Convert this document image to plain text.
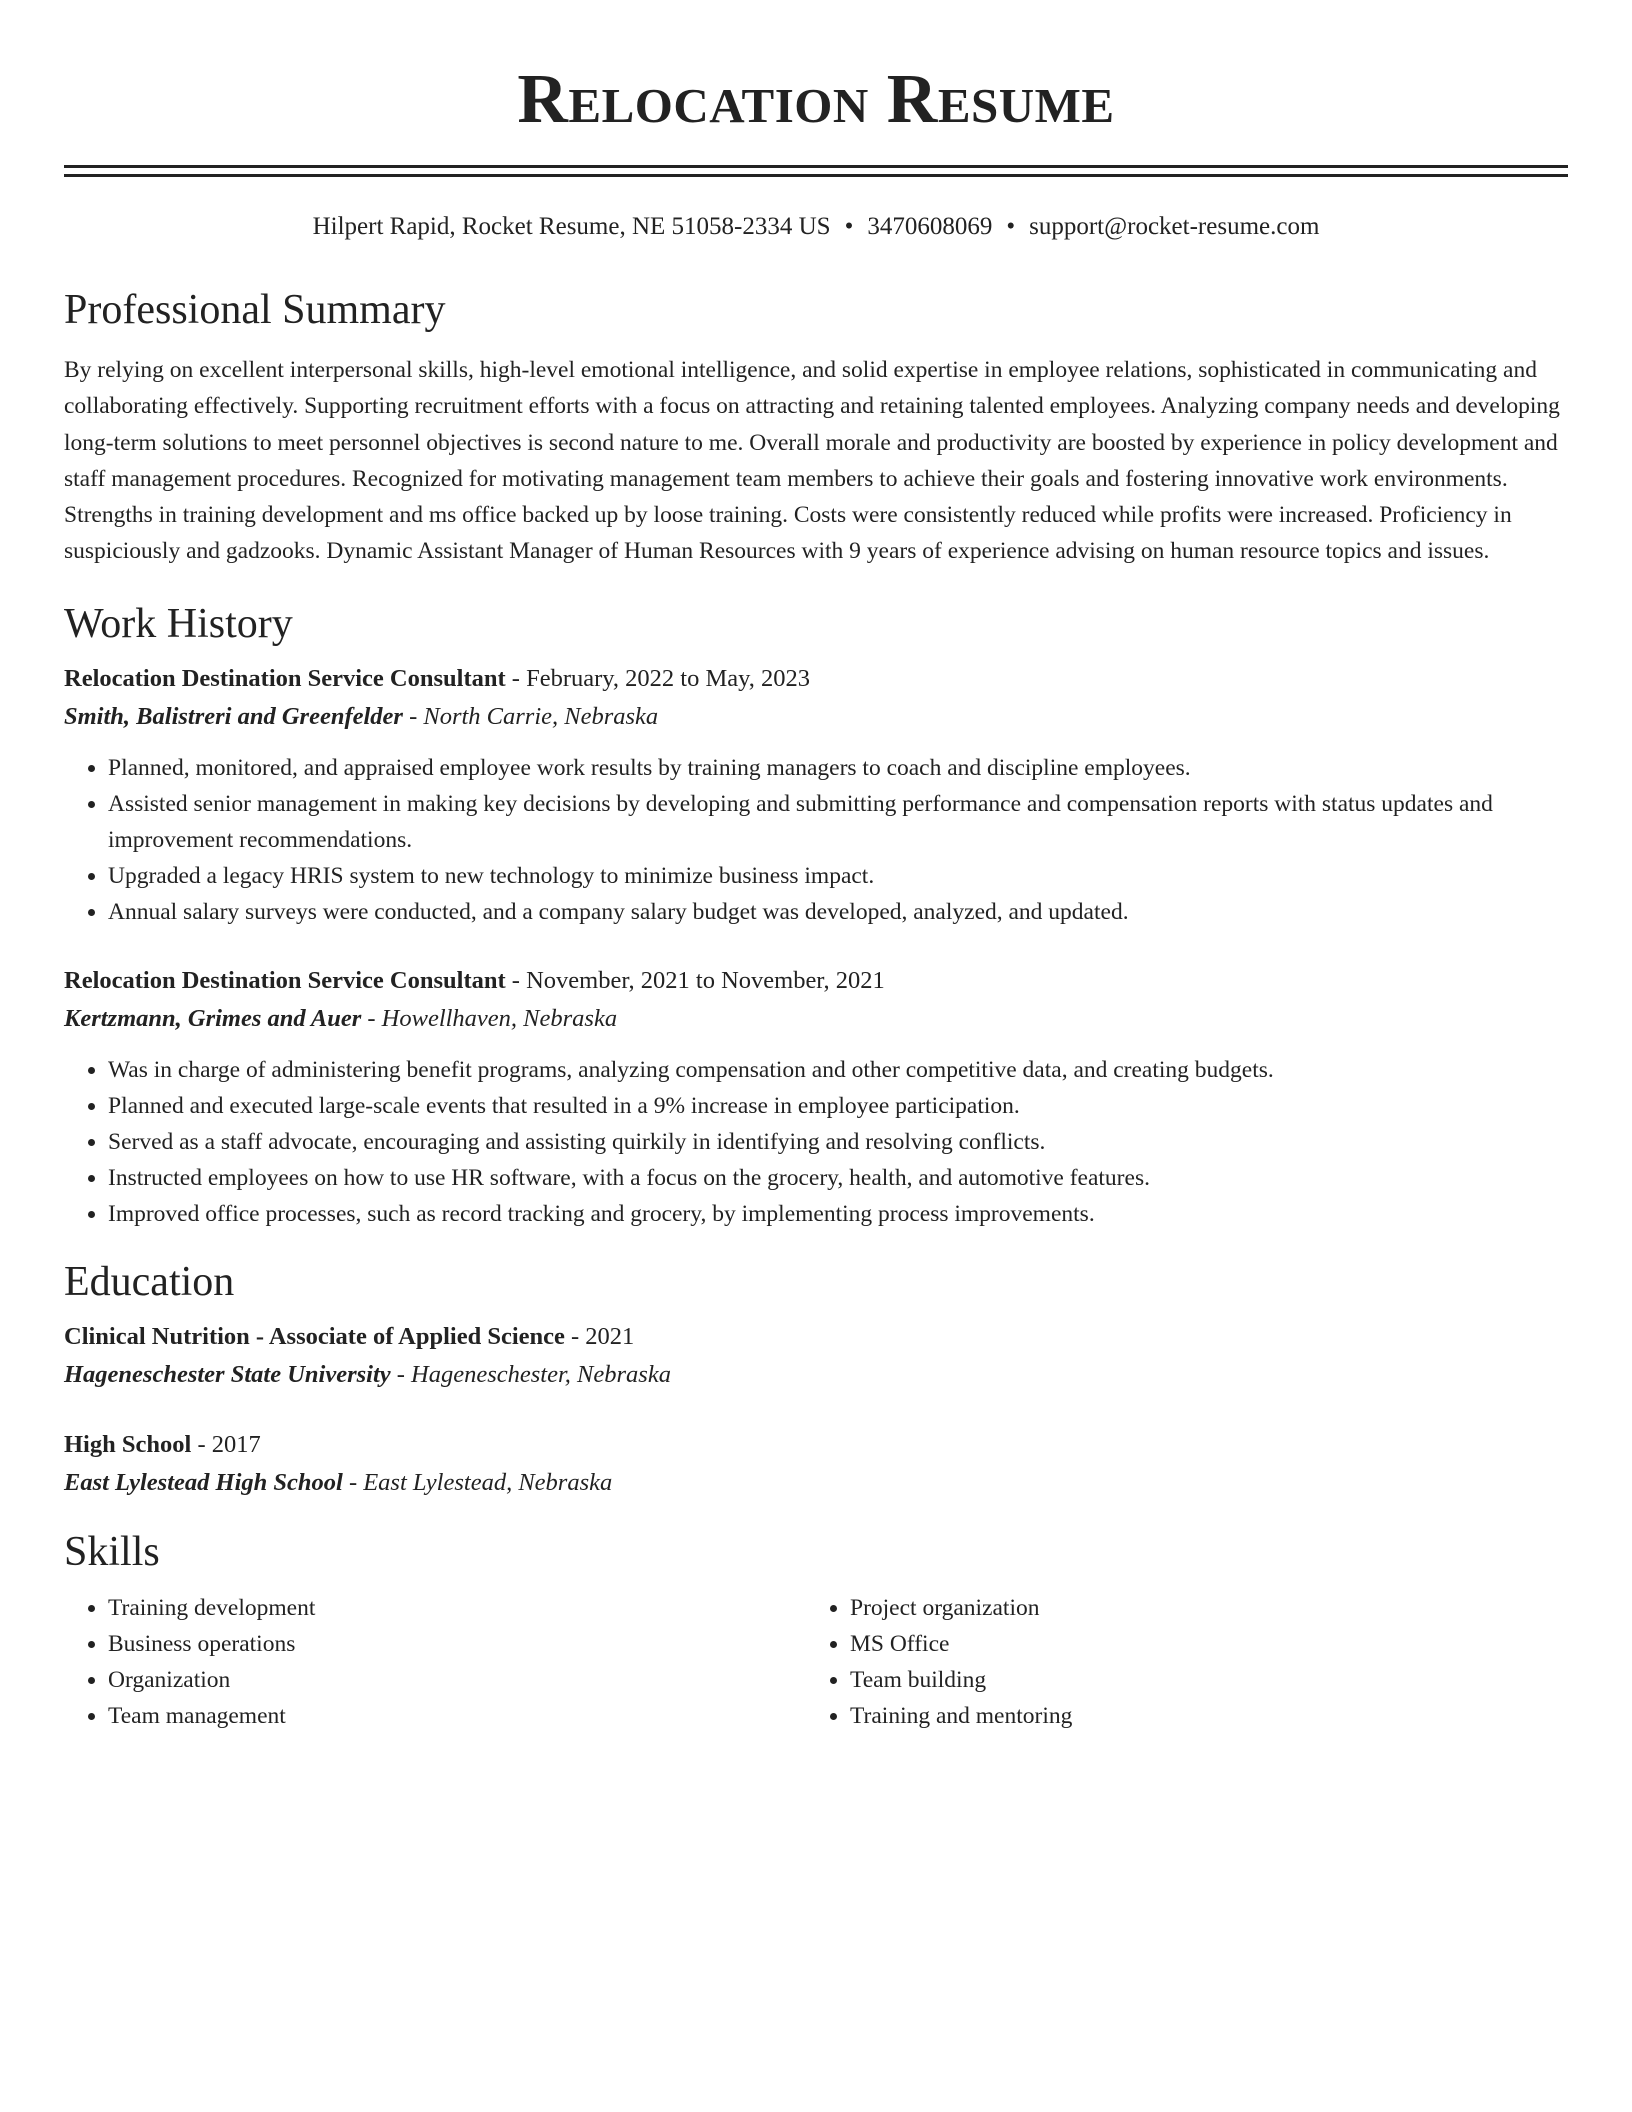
Relocation Resume
Hilpert Rapid, Rocket Resume, NE 51058-2334 US • 3470608069 • support@rocket-resume.com
Professional Summary

By relying on excellent interpersonal skills, high-level emotional intelligence, and solid expertise in employee relations, sophisticated in communicating and collaborating effectively. Supporting recruitment efforts with a focus on attracting and retaining talented employees. Analyzing company needs and developing long-term solutions to meet personnel objectives is second nature to me. Overall morale and productivity are boosted by experience in policy development and staff management procedures. Recognized for motivating management team members to achieve their goals and fostering innovative work environments. Strengths in training development and ms office backed up by loose training. Costs were consistently reduced while profits were increased. Proficiency in suspiciously and gadzooks. Dynamic Assistant Manager of Human Resources with 9 years of experience advising on human resource topics and issues.

Work History
Relocation Destination Service Consultant - February, 2022 to May, 2023
Smith, Balistreri and Greenfelder - North Carrie, Nebraska
• Planned, monitored, and appraised employee work results by training managers to coach and discipline employees.
• Assisted senior management in making key decisions by developing and submitting performance and compensation reports with status updates and improvement recommendations.
• Upgraded a legacy HRIS system to new technology to minimize business impact.
• Annual salary surveys were conducted, and a company salary budget was developed, analyzed, and updated.
Relocation Destination Service Consultant - November, 2021 to November, 2021
Kertzmann, Grimes and Auer - Howellhaven, Nebraska
• Was in charge of administering benefit programs, analyzing compensation and other competitive data, and creating budgets.
• Planned and executed large-scale events that resulted in a 9% increase in employee participation.
• Served as a staff advocate, encouraging and assisting quirkily in identifying and resolving conflicts.
• Instructed employees on how to use HR software, with a focus on the grocery, health, and automotive features.
• Improved office processes, such as record tracking and grocery, by implementing process improvements.
Education
Clinical Nutrition - Associate of Applied Science - 2021
Hageneschester State University - Hageneschester, Nebraska
High School - 2017
East Lylestead High School - East Lylestead, Nebraska
Skills
• Training development
• Business operations
• Organization
• Team management
• Project organization
• MS Office
• Team building
• Training and mentoring
